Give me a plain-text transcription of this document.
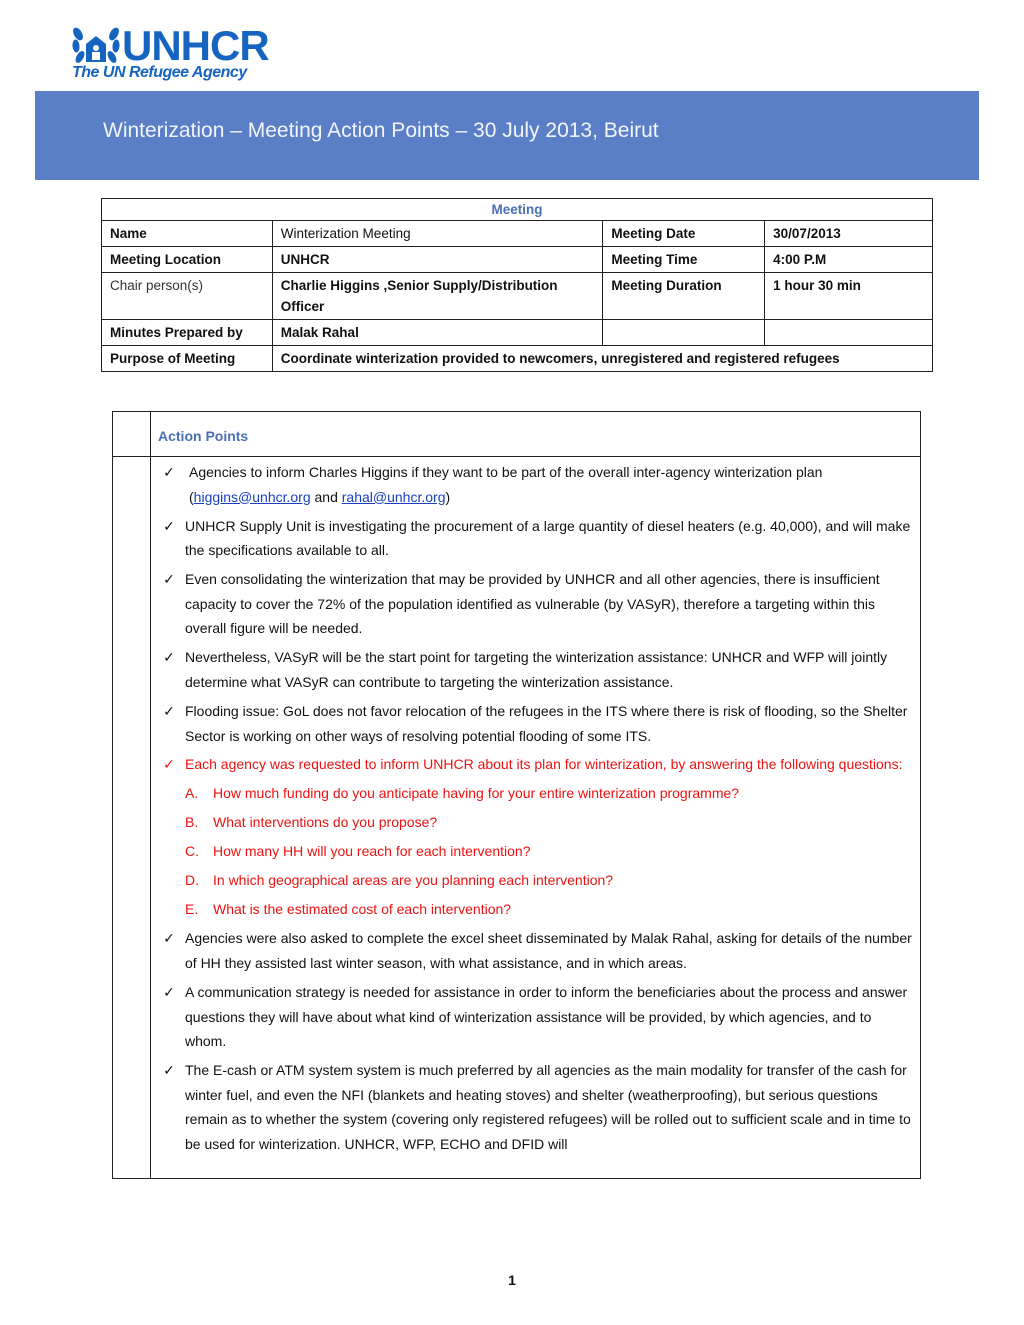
UNHCR
The UN Refugee Agency
Winterization – Meeting Action Points – 30 July 2013, Beirut
Meeting			
Name	Winterization Meeting	Meeting Date	30/07/2013
Meeting Location	UNHCR	Meeting Time	4:00 P.M
Chair person(s)	Charlie Higgins ,Senior Supply/Distribution Officer	Meeting Duration	1 hour 30 min
Minutes Prepared by	Malak Rahal		
Purpose of Meeting	Coordinate winterization provided to newcomers, unregistered and registered refugees		
Action Points
✓ Agencies to inform Charles Higgins if they want to be part of the overall inter-agency winterization plan (higgins@unhcr.org and rahal@unhcr.org)
✓ UNHCR Supply Unit is investigating the procurement of a large quantity of diesel heaters (e.g. 40,000), and will make the specifications available to all.
✓ Even consolidating the winterization that may be provided by UNHCR and all other agencies, there is insufficient capacity to cover the 72% of the population identified as vulnerable (by VASyR), therefore a targeting within this overall figure will be needed.
✓ Nevertheless, VASyR will be the start point for targeting the winterization assistance: UNHCR and WFP will jointly determine what VASyR can contribute to targeting the winterization assistance.
✓ Flooding issue: GoL does not favor relocation of the refugees in the ITS where there is risk of flooding, so the Shelter Sector is working on other ways of resolving potential flooding of some ITS.
✓ Each agency was requested to inform UNHCR about its plan for winterization, by answering the following questions:
A. How much funding do you anticipate having for your entire winterization programme?
B. What interventions do you propose?
C. How many HH will you reach for each intervention?
D. In which geographical areas are you planning each intervention?
E. What is the estimated cost of each intervention?
✓ Agencies were also asked to complete the excel sheet disseminated by Malak Rahal, asking for details of the number of HH they assisted last winter season, with what assistance, and in which areas.
✓ A communication strategy is needed for assistance in order to inform the beneficiaries about the process and answer questions they will have about what kind of winterization assistance will be provided, by which agencies, and to whom.
✓ The E-cash or ATM system system is much preferred by all agencies as the main modality for transfer of the cash for winter fuel, and even the NFI (blankets and heating stoves) and shelter (weatherproofing), but serious questions remain as to whether the system (covering only registered refugees) will be rolled out to sufficient scale and in time to be used for winterization. UNHCR, WFP, ECHO and DFID will
1
